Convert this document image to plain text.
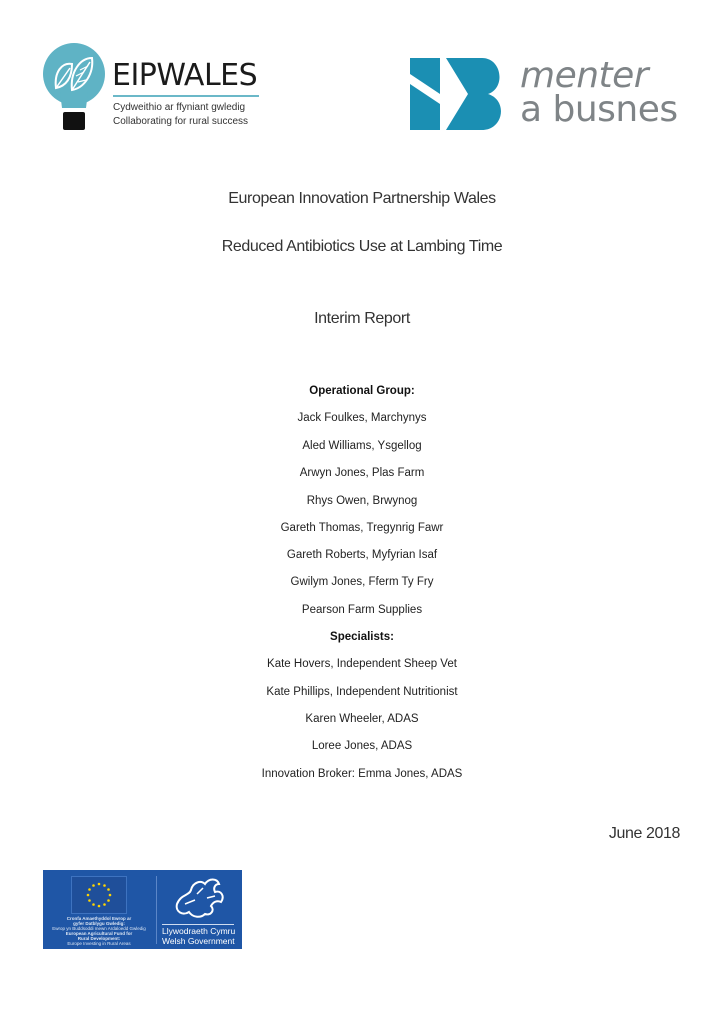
EIPWALES
Cydweithio ar ffyniant gwledig
Collaborating for rural success
menter
a busnes
European Innovation Partnership Wales
Reduced Antibiotics Use at Lambing Time
Interim Report
Operational Group:
Jack Foulkes, Marchynys
Aled Williams, Ysgellog
Arwyn Jones, Plas Farm
Rhys Owen, Brwynog
Gareth Thomas, Tregynrig Fawr
Gareth Roberts, Myfyrian Isaf
Gwilym Jones, Fferm Ty Fry
Pearson Farm Supplies
Specialists:
Kate Hovers, Independent Sheep Vet
Kate Phillips, Independent Nutritionist
Karen Wheeler, ADAS
Loree Jones, ADAS
Innovation Broker: Emma Jones, ADAS
June 2018
Cronfa Amaethyddol Ewrop ar
gyfer Datblygu Gwledig:
Ewrop yn Buddsoddi mewn Ardaloedd Gwledig
European Agricultural Fund for
Rural Development:
Europe Investing in Rural Areas
Llywodraeth Cymru
Welsh Government
